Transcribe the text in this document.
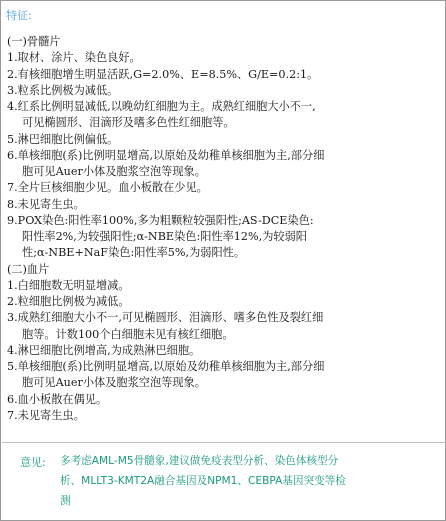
特征:
(一)骨髓片
1.取材、涂片、染色良好。
2.有核细胞增生明显活跃,G=2.0%、E=8.5%、G/E=0.2:1。
3.粒系比例极为减低。
4.红系比例明显减低,以晚幼红细胞为主。成熟红细胞大小不一,
可见椭圆形、泪滴形及嗜多色性红细胞等。
5.淋巴细胞比例偏低。
6.单核细胞(系)比例明显增高,以原始及幼稚单核细胞为主,部分细
胞可见Auer小体及胞浆空泡等现象。
7.全片巨核细胞少见。血小板散在少见。
8.未见寄生虫。
9.POX染色:阳性率100%,多为粗颗粒较强阳性;AS-DCE染色:
阳性率2%,为较强阳性;α-NBE染色:阳性率12%,为较弱阳
性;α-NBE+NaF染色:阳性率5%,为弱阳性。
(二)血片
1.白细胞数无明显增减。
2.粒细胞比例极为减低。
3.成熟红细胞大小不一,可见椭圆形、泪滴形、嗜多色性及裂红细
胞等。计数100个白细胞未见有核红细胞。
4.淋巴细胞比例增高,为成熟淋巴细胞。
5.单核细胞(系)比例明显增高,以原始及幼稚单核细胞为主,部分细
胞可见Auer小体及胞浆空泡等现象。
6.血小板散在偶见。
7.未见寄生虫。
意见: 多考虑AML-M5骨髓象,建议做免疫表型分析、染色体核型分
析、MLLT3-KMT2A融合基因及NPM1、CEBPA基因突变等检
测
